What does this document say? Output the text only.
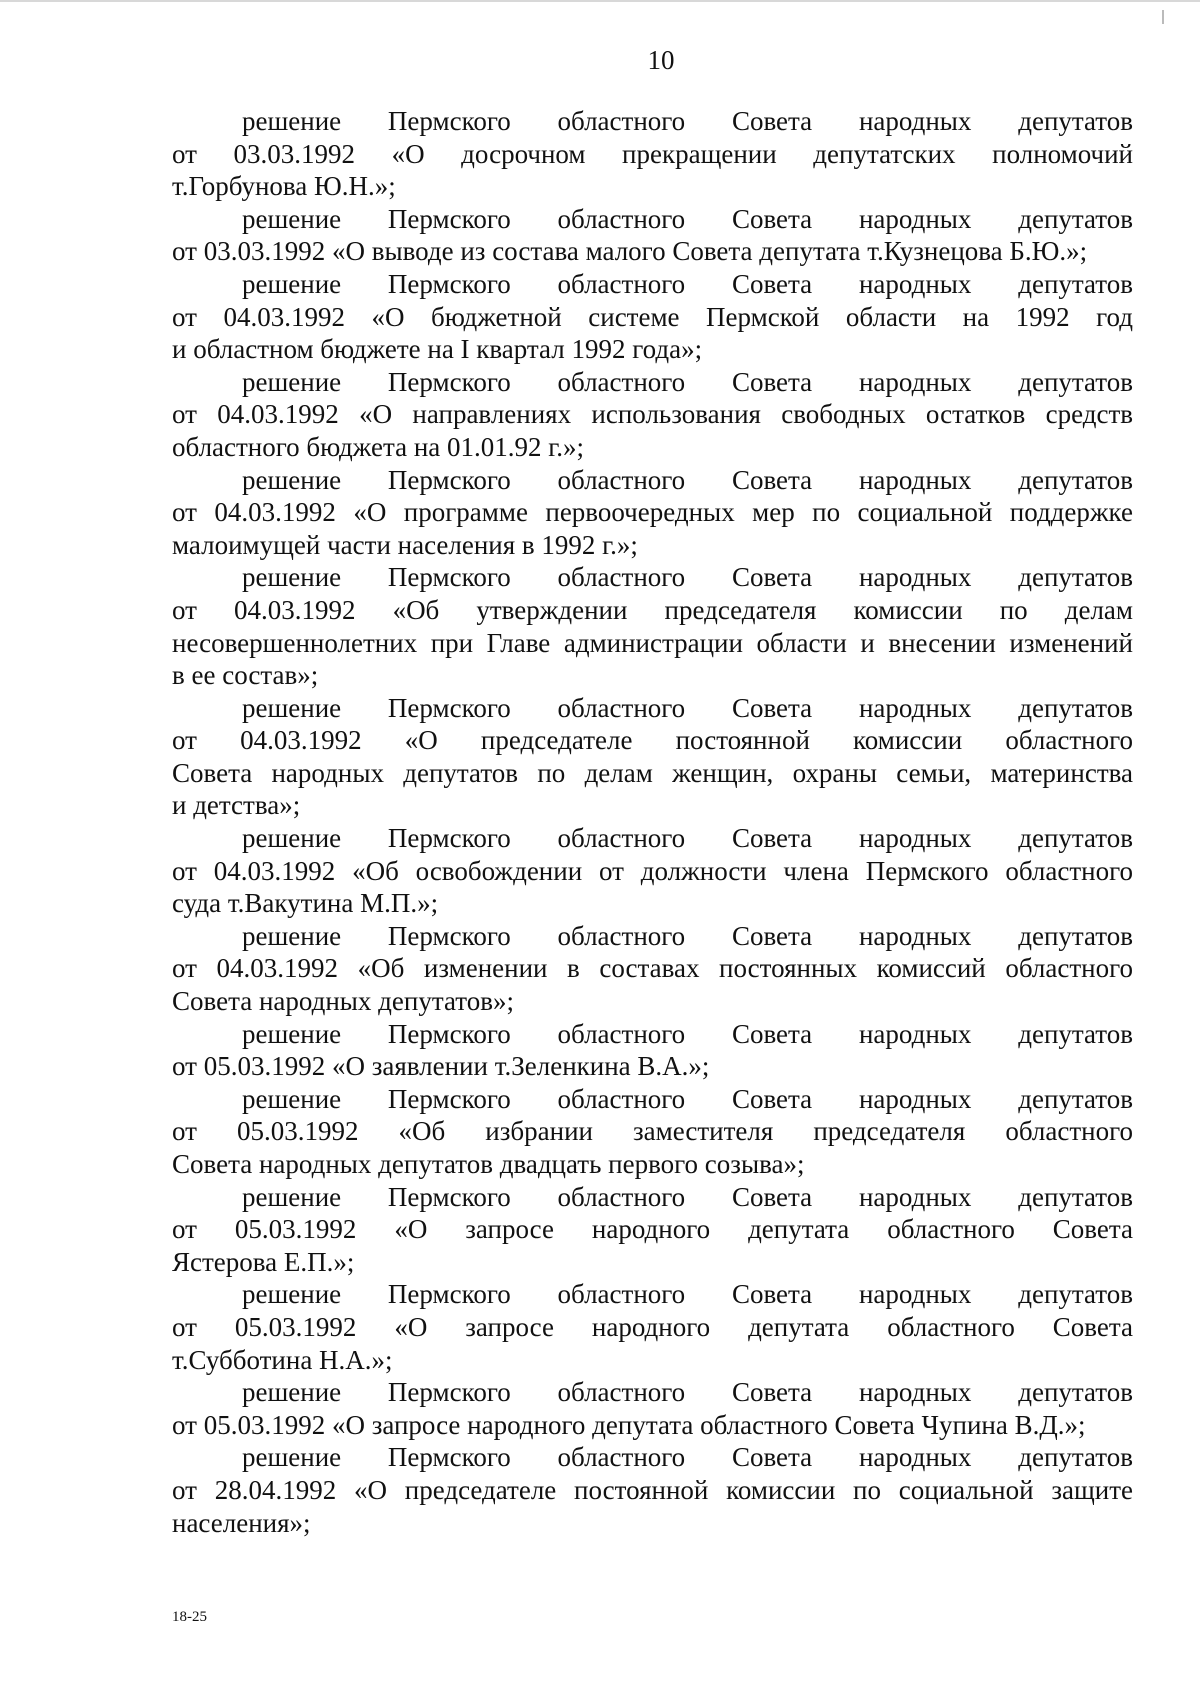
10
решение Пермского областного Совета народных депутатов
от 03.03.1992 «О досрочном прекращении депутатских полномочий
т.Горбунова Ю.Н.»;
решение Пермского областного Совета народных депутатов
от 03.03.1992 «О выводе из состава малого Совета депутата т.Кузнецова Б.Ю.»;
решение Пермского областного Совета народных депутатов
от 04.03.1992 «О бюджетной системе Пермской области на 1992 год
и областном бюджете на I квартал 1992 года»;
решение Пермского областного Совета народных депутатов
от 04.03.1992 «О направлениях использования свободных остатков средств
областного бюджета на 01.01.92 г.»;
решение Пермского областного Совета народных депутатов
от 04.03.1992 «О программе первоочередных мер по социальной поддержке
малоимущей части населения в 1992 г.»;
решение Пермского областного Совета народных депутатов
от 04.03.1992 «Об утверждении председателя комиссии по делам
несовершеннолетних при Главе администрации области и внесении изменений
в ее состав»;
решение Пермского областного Совета народных депутатов
от 04.03.1992 «О председателе постоянной комиссии областного
Совета народных депутатов по делам женщин, охраны семьи, материнства
и детства»;
решение Пермского областного Совета народных депутатов
от 04.03.1992 «Об освобождении от должности члена Пермского областного
суда т.Вакутина М.П.»;
решение Пермского областного Совета народных депутатов
от 04.03.1992 «Об изменении в составах постоянных комиссий областного
Совета народных депутатов»;
решение Пермского областного Совета народных депутатов
от 05.03.1992 «О заявлении т.Зеленкина В.А.»;
решение Пермского областного Совета народных депутатов
от 05.03.1992 «Об избрании заместителя председателя областного
Совета народных депутатов двадцать первого созыва»;
решение Пермского областного Совета народных депутатов
от 05.03.1992 «О запросе народного депутата областного Совета
Ястерова Е.П.»;
решение Пермского областного Совета народных депутатов
от 05.03.1992 «О запросе народного депутата областного Совета
т.Субботина Н.А.»;
решение Пермского областного Совета народных депутатов
от 05.03.1992 «О запросе народного депутата областного Совета Чупина В.Д.»;
решение Пермского областного Совета народных депутатов
от 28.04.1992 «О председателе постоянной комиссии по социальной защите
населения»;
18-25
